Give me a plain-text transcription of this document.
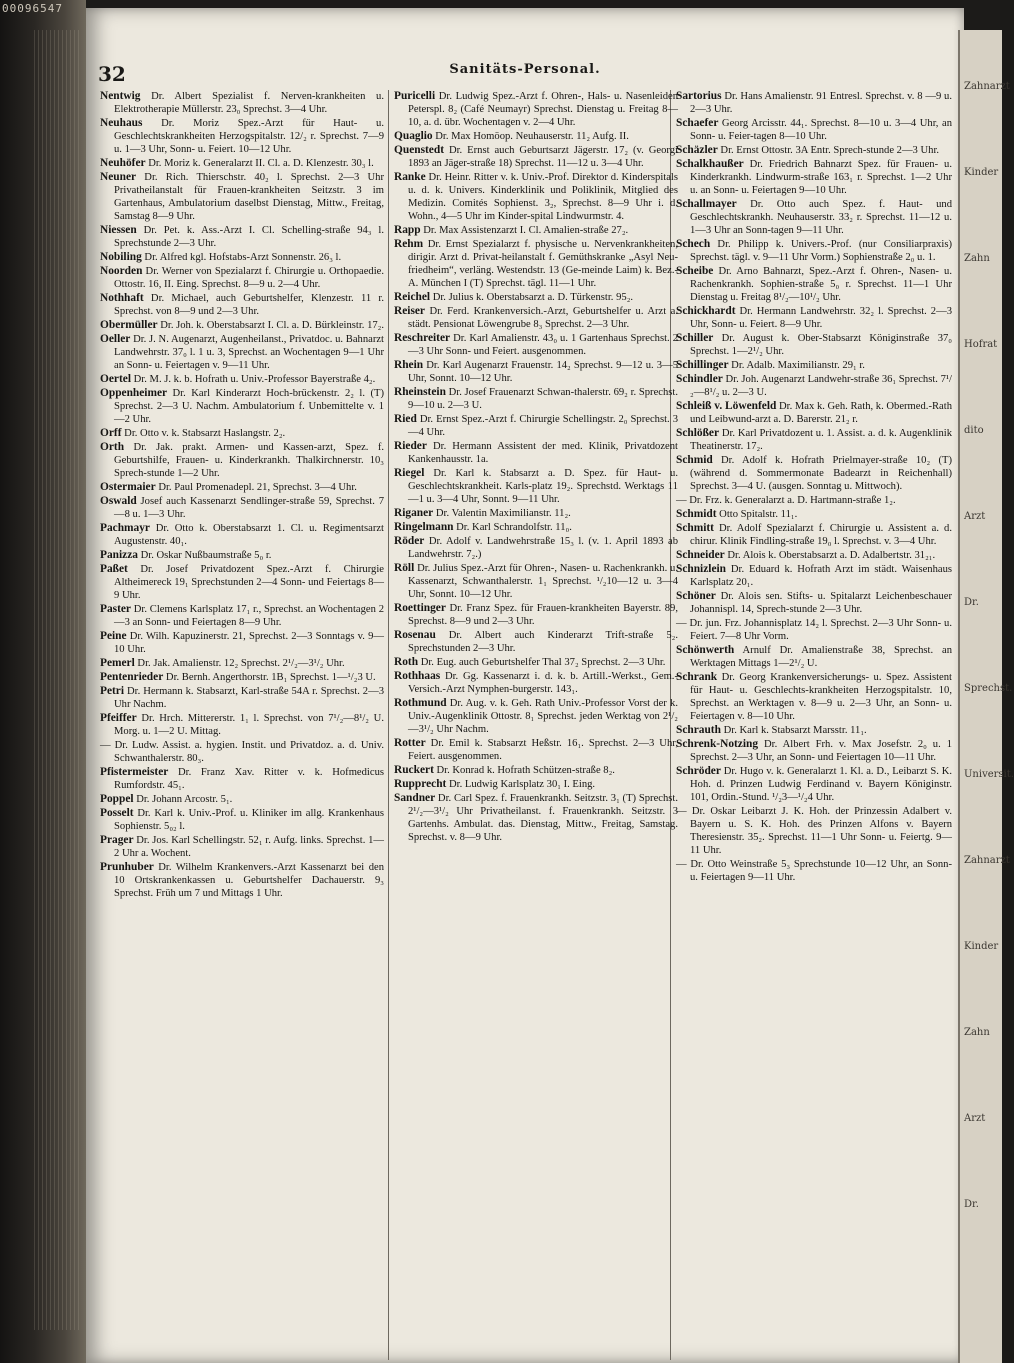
00096547
32	Sanitäts-Personal.
Nentwig Dr. Albert Spezialist f. Nerven-krankheiten u. Elektrotherapie Müllerstr. 23₀ Sprechst. 3—4 Uhr.
Neuhaus Dr. Moriz Spez.-Arzt für Haut- u. Geschlechtskrankheiten Herzogspitalstr. 12/₂ r. Sprechst. 7—9 u. 1—3 Uhr, Sonn- u. Feiert. 10—12 Uhr.
Neuhöfer Dr. Moriz k. Generalarzt II. Cl. a. D. Klenzestr. 30₃ l.
Neuner Dr. Rich. Thierschstr. 40₂ l. Sprechst. 2—3 Uhr Privatheilanstalt für Frauen-krankheiten Seitzstr. 3 im Gartenhaus, Ambulatorium daselbst Dienstag, Mittw., Freitag, Samstag 8—9 Uhr.
Niessen Dr. Pet. k. Ass.-Arzt I. Cl. Schelling-straße 94₃ l. Sprechstunde 2—3 Uhr.
Nobiling Dr. Alfred kgl. Hofstabs-Arzt Sonnenstr. 26₃ l.
Noorden Dr. Werner von Spezialarzt f. Chirurgie u. Orthopaedie. Ottostr. 16, II. Eing. Sprechst. 8—9 u. 2—4 Uhr.
Nothhaft Dr. Michael, auch Geburtshelfer, Klenzestr. 11 r. Sprechst. von 8—9 und 2—3 Uhr.
Obermüller Dr. Joh. k. Oberstabsarzt I. Cl. a. D. Bürkleinstr. 17₂.
Oeller Dr. J. N. Augenarzt, Augenheilanst., Privatdoc. u. Bahnarzt Landwehrstr. 37₀ l. 1 u. 3, Sprechst. an Wochentagen 9—1 Uhr an Sonn- u. Feiertagen v. 9—11 Uhr.
Oertel Dr. M. J. k. b. Hofrath u. Univ.-Professor Bayerstraße 4₂.
Oppenheimer Dr. Karl Kinderarzt Hoch-brückenstr. 2₂ l. (T) Sprechst. 2—3 U. Nachm. Ambulatorium f. Unbemittelte v. 1—2 Uhr.
Orff Dr. Otto v. k. Stabsarzt Haslangstr. 2₂.
Orth Dr. Jak. prakt. Armen- und Kassen-arzt, Spez. f. Geburtshilfe, Frauen- u. Kinderkrankh. Thalkirchnerstr. 10₃ Sprech-stunde 1—2 Uhr.
Ostermaier Dr. Paul Promenadepl. 21, Sprechst. 3—4 Uhr.
Oswald Josef auch Kassenarzt Sendlinger-straße 59, Sprechst. 7—8 u. 1—3 Uhr.
Pachmayr Dr. Otto k. Oberstabsarzt 1. Cl. u. Regimentsarzt Augustenstr. 40₁.
Panizza Dr. Oskar Nußbaumstraße 5₀ r.
Paßet Dr. Josef Privatdozent Spez.-Arzt f. Chirurgie Altheimereck 19₁ Sprechstunden 2—4 Sonn- und Feiertags 8—9 Uhr.
Paster Dr. Clemens Karlsplatz 17₁ r., Sprechst. an Wochentagen 2—3 an Sonn- und Feiertagen 8—9 Uhr.
Peine Dr. Wilh. Kapuzinerstr. 21, Sprechst. 2—3 Sonntags v. 9—10 Uhr.
Pemerl Dr. Jak. Amalienstr. 12₂ Sprechst. 2¹/₂—3¹/₂ Uhr.
Pentenrieder Dr. Bernh. Angerthorstr. 1B₁ Sprechst. 1—¹/₂3 U.
Petri Dr. Hermann k. Stabsarzt, Karl-straße 54A r. Sprechst. 2—3 Uhr Nachm.
Pfeiffer Dr. Hrch. Mittererstr. 1₁ l. Sprechst. von 7¹/₂—8¹/₂ U. Morg. u. 1—2 U. Mittag.
— Dr. Ludw. Assist. a. hygien. Instit. und Privatdoz. a. d. Univ. Schwanthalerstr. 80₃.
Pfistermeister Dr. Franz Xav. Ritter v. k. Hofmedicus Rumfordstr. 45₁.
Poppel Dr. Johann Arcostr. 5₁.
Posselt Dr. Karl k. Univ.-Prof. u. Kliniker im allg. Krankenhaus Sophienstr. 5₀₂ l.
Prager Dr. Jos. Karl Schellingstr. 52₁ r. Aufg. links. Sprechst. 1—2 Uhr a. Wochent.
Prunhuber Dr. Wilhelm Krankenvers.-Arzt Kassenarzt bei den 10 Ortskrankenkassen u. Geburtshelfer Dachauerstr. 9₃ Sprechst. Früh um 7 und Mittags 1 Uhr.
Puricelli Dr. Ludwig Spez.-Arzt f. Ohren-, Hals- u. Nasenleiden Peterspl. 8₂ (Café Neumayr) Sprechst. Dienstag u. Freitag 8—10, a. d. übr. Wochentagen v. 2—4 Uhr.
Quaglio Dr. Max Homöop. Neuhauserstr. 11₂ Aufg. II.
Quenstedt Dr. Ernst auch Geburtsarzt Jägerstr. 17₂ (v. Georgi 1893 an Jäger-straße 18) Sprechst. 11—12 u. 3—4 Uhr.
Ranke Dr. Heinr. Ritter v. k. Univ.-Prof. Direktor d. Kinderspitals u. d. k. Univers. Kinderklinik und Poliklinik, Mitglied des Medizin. Comités Sophienst. 3₂, Sprechst. 8—9 Uhr i. d. Wohn., 4—5 Uhr im Kinder-spital Lindwurmstr. 4.
Rapp Dr. Max Assistenzarzt I. Cl. Amalien-straße 27₂.
Rehm Dr. Ernst Spezialarzt f. physische u. Nervenkrankheiten, dirigir. Arzt d. Privat-heilanstalt f. Gemüthskranke „Asyl Neu-friedheim“, verläng. Westendstr. 13 (Ge-meinde Laim) k. Bez.-A. München I (T) Sprechst. tägl. 11—1 Uhr.
Reichel Dr. Julius k. Oberstabsarzt a. D. Türkenstr. 95₂.
Reiser Dr. Ferd. Krankenversich.-Arzt, Geburtshelfer u. Arzt a. städt. Pensionat Löwengrube 8₃ Sprechst. 2—3 Uhr.
Reschreiter Dr. Karl Amalienstr. 43₀ u. 1 Gartenhaus Sprechst. 2—3 Uhr Sonn- und Feiert. ausgenommen.
Rhein Dr. Karl Augenarzt Frauenstr. 14₂ Sprechst. 9—12 u. 3—5 Uhr, Sonnt. 10—12 Uhr.
Rheinstein Dr. Josef Frauenarzt Schwan-thalerstr. 69₂ r. Sprechst. 9—10 u. 2—3 U.
Ried Dr. Ernst Spez.-Arzt f. Chirurgie Schellingstr. 2₀ Sprechst. 3—4 Uhr.
Rieder Dr. Hermann Assistent der med. Klinik, Privatdozent Kankenhausstr. 1a.
Riegel Dr. Karl k. Stabsarzt a. D. Spez. für Haut- u. Geschlechtskrankheit. Karls-platz 19₂. Sprechstd. Werktags 11—1 u. 3—4 Uhr, Sonnt. 9—11 Uhr.
Riganer Dr. Valentin Maximilianstr. 11₂.
Ringelmann Dr. Karl Schrandolfstr. 11₀.
Röder Dr. Adolf v. Landwehrstraße 15₃ l. (v. 1. April 1893 ab Landwehrstr. 7₂.)
Röll Dr. Julius Spez.-Arzt für Ohren-, Nasen- u. Rachenkrankh. u. Kassenarzt, Schwanthalerstr. 1₁ Sprechst. ¹/₂10—12 u. 3—4 Uhr, Sonnt. 10—12 Uhr.
Roettinger Dr. Franz Spez. für Frauen-krankheiten Bayerstr. 89, Sprechst. 8—9 und 2—3 Uhr.
Rosenau Dr. Albert auch Kinderarzt Trift-straße 5₂. Sprechstunden 2—3 Uhr.
Roth Dr. Eug. auch Geburtshelfer Thal 37₂ Sprechst. 2—3 Uhr.
Rothhaas Dr. Gg. Kassenarzt i. d. k. b. Artill.-Werkst., Gem.-Versich.-Arzt Nymphen-burgerstr. 143₁.
Rothmund Dr. Aug. v. k. Geh. Rath Univ.-Professor Vorst der k. Univ.-Augenklinik Ottostr. 8₁ Sprechst. jeden Werktag von 2¹/₂—3¹/₂ Uhr Nachm.
Rotter Dr. Emil k. Stabsarzt Heßstr. 16₁. Sprechst. 2—3 Uhr, Feiert. ausgenommen.
Ruckert Dr. Konrad k. Hofrath Schützen-straße 8₂.
Rupprecht Dr. Ludwig Karlsplatz 30₁ I. Eing.
Sandner Dr. Carl Spez. f. Frauenkrankh. Seitzstr. 3₁ (T) Sprechst. 2¹/₂—3¹/₂ Uhr Privatheilanst. f. Frauenkrankh. Seitzstr. 3 Gartenhs. Ambulat. das. Dienstag, Mittw., Freitag, Samstag. Sprechst. v. 8—9 Uhr.
Sartorius Dr. Hans Amalienstr. 91 Entresl. Sprechst. v. 8 —9 u. 2—3 Uhr.
Schaefer Georg Arcisstr. 44₁. Sprechst. 8—10 u. 3—4 Uhr, an Sonn- u. Feier-tagen 8—10 Uhr.
Schäzler Dr. Ernst Ottostr. 3A Entr. Sprech-stunde 2—3 Uhr.
Schalkhaußer Dr. Friedrich Bahnarzt Spez. für Frauen- u. Kinderkrankh. Lindwurm-straße 163₁ r. Sprechst. 1—2 Uhr u. an Sonn- u. Feiertagen 9—10 Uhr.
Schallmayer Dr. Otto auch Spez. f. Haut- und Geschlechtskrankh. Neuhauserstr. 33₂ r. Sprechst. 11—12 u. 1—3 Uhr an Sonn-tagen 9—11 Uhr.
Schech Dr. Philipp k. Univers.-Prof. (nur Consiliarpraxis) Sprechst. tägl. v. 9—11 Uhr Vorm.) Sophienstraße 2₀ u. 1.
Scheibe Dr. Arno Bahnarzt, Spez.-Arzt f. Ohren-, Nasen- u. Rachenkrankh. Sophien-straße 5₀ r. Sprechst. 11—1 Uhr Dienstag u. Freitag 8¹/₂—10¹/₂ Uhr.
Schickhardt Dr. Hermann Landwehrstr. 32₂ l. Sprechst. 2—3 Uhr, Sonn- u. Feiert. 8—9 Uhr.
Schiller Dr. August k. Ober-Stabsarzt Königinstraße 37₀ Sprechst. 1—2¹/₂ Uhr.
Schillinger Dr. Adalb. Maximilianstr. 29₁ r.
Schindler Dr. Joh. Augenarzt Landwehr-straße 36₁ Sprechst. 7¹/₂—8¹/₂ u. 2—3 U.
Schleiß v. Löwenfeld Dr. Max k. Geh. Rath, k. Obermed.-Rath und Leibwund-arzt a. D. Barerstr. 21₂ r.
Schlößer Dr. Karl Privatdozent u. 1. Assist. a. d. k. Augenklinik Theatinerstr. 17₂.
Schmid Dr. Adolf k. Hofrath Prielmayer-straße 10₂ (T) (während d. Sommermonate Badearzt in Reichenhall) Sprechst. 3—4 U. (ausgen. Sonntag u. Mittwoch).
— Dr. Frz. k. Generalarzt a. D. Hartmann-straße 1₂.
Schmidt Otto Spitalstr. 11₁.
Schmitt Dr. Adolf Spezialarzt f. Chirurgie u. Assistent a. d. chirur. Klinik Findling-straße 19₀ l. Sprechst. v. 3—4 Uhr.
Schneider Dr. Alois k. Oberstabsarzt a. D. Adalbertstr. 31₂₁.
Schnizlein Dr. Eduard k. Hofrath Arzt im städt. Waisenhaus Karlsplatz 20₁.
Schöner Dr. Alois sen. Stifts- u. Spitalarzt Leichenbeschauer Johannispl. 14, Sprech-stunde 2—3 Uhr.
— Dr. jun. Frz. Johannisplatz 14₂ l. Sprechst. 2—3 Uhr Sonn- u. Feiert. 7—8 Uhr Vorm.
Schönwerth Arnulf Dr. Amalienstraße 38, Sprechst. an Werktagen Mittags 1—2¹/₂ U.
Schrank Dr. Georg Krankenversicherungs- u. Spez. Assistent für Haut- u. Geschlechts-krankheiten Herzogspitalstr. 10, Sprechst. an Werktagen v. 8—9 u. 2—3 Uhr, an Sonn- u. Feiertagen v. 8—10 Uhr.
Schrauth Dr. Karl k. Stabsarzt Marsstr. 11₁.
Schrenk-Notzing Dr. Albert Frh. v. Max Josefstr. 2₀ u. 1 Sprechst. 2—3 Uhr, an Sonn- und Feiertagen 10—11 Uhr.
Schröder Dr. Hugo v. k. Generalarzt 1. Kl. a. D., Leibarzt S. K. Hoh. d. Prinzen Ludwig Ferdinand v. Bayern Königinstr. 101, Ordin.-Stund. ¹/₂3—¹/₂4 Uhr.
— Dr. Oskar Leibarzt J. K. Hoh. der Prinzessin Adalbert v. Bayern u. S. K. Hoh. des Prinzen Alfons v. Bayern Theresienstr. 35₂. Sprechst. 11—1 Uhr Sonn- u. Feiertg. 9—11 Uhr.
— Dr. Otto Weinstraße 5₃ Sprechstunde 10—12 Uhr, an Sonn- u. Feiertagen 9—11 Uhr.
Zahnarzt
Kinder
Zahn
Hofrat
dito
Arzt
Dr.
Sprechst.
Universit.
Zahnarzt
Kinder
Zahn
Arzt
Dr.
